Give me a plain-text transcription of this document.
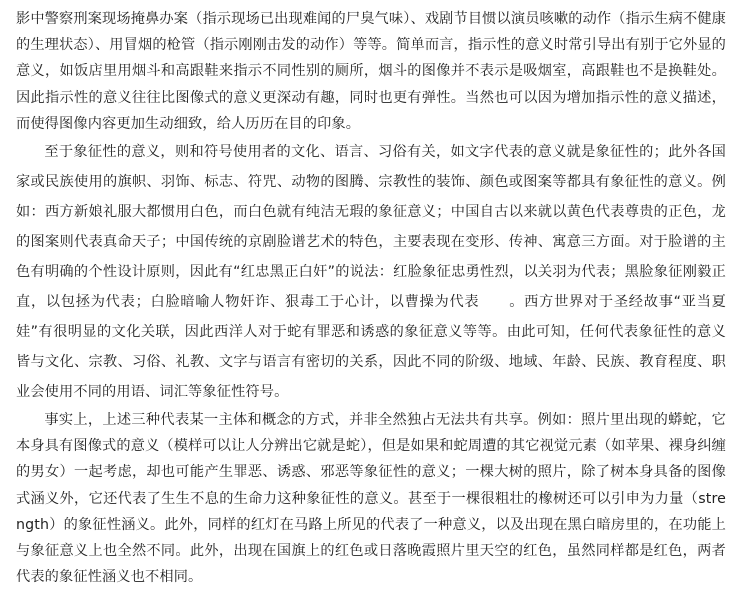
影中警察刑案现场掩鼻办案（指示现场已出现难闻的尸臭气味）、戏剧节目惯以演员咳嗽的动作（指示生病不健康的生理状态）、用冒烟的枪管（指示刚刚击发的动作）等等。简单而言，指示性的意义时常引导出有别于它外显的意义，如饭店里用烟斗和高跟鞋来指示不同性别的厕所，烟斗的图像并不表示是吸烟室，高跟鞋也不是换鞋处。因此指示性的意义往往比图像式的意义更深动有趣，同时也更有弹性。当然也可以因为增加指示性的意义描述，而使得图像内容更加生动细致，给人历历在目的印象。

至于象征性的意义，则和符号使用者的文化、语言、习俗有关，如文字代表的意义就是象征性的；此外各国家或民族使用的旗帜、羽饰、标志、符咒、动物的图腾、宗教性的装饰、颜色或图案等都具有象征性的意义。例如：西方新娘礼服大都惯用白色，而白色就有纯洁无瑕的象征意义；中国自古以来就以黄色代表尊贵的正色，龙的图案则代表真命天子；中国传统的京剧脸谱艺术的特色，主要表现在变形、传神、寓意三方面。对于脸谱的主色有明确的个性设计原则，因此有“红忠黑正白奸”的说法：红脸象征忠勇性烈，以关羽为代表；黑脸象征刚毅正直，以包拯为代表；白脸暗喻人物奸诈、狠毒工于心计，以曹操为代表　　。西方世界对于圣经故事“亚当夏娃”有很明显的文化关联，因此西洋人对于蛇有罪恶和诱惑的象征意义等等。由此可知，任何代表象征性的意义皆与文化、宗教、习俗、礼教、文字与语言有密切的关系，因此不同的阶级、地域、年龄、民族、教育程度、职业会使用不同的用语、词汇等象征性符号。

事实上，上述三种代表某一主体和概念的方式，并非全然独占无法共有共享。例如：照片里出现的蟒蛇，它本身具有图像式的意义（模样可以让人分辨出它就是蛇），但是如果和蛇周遭的其它视觉元素（如苹果、裸身纠缠的男女）一起考虑，却也可能产生罪恶、诱惑、邪恶等象征性的意义；一棵大树的照片，除了树本身具备的图像式涵义外，它还代表了生生不息的生命力这种象征性的意义。甚至于一棵很粗壮的橡树还可以引申为力量（strength）的象征性涵义。此外，同样的红灯在马路上所见的代表了一种意义，以及出现在黑白暗房里的，在功能上与象征意义上也全然不同。此外，出现在国旗上的红色或日落晚霞照片里天空的红色，虽然同样都是红色，两者代表的象征性涵义也不相同。
